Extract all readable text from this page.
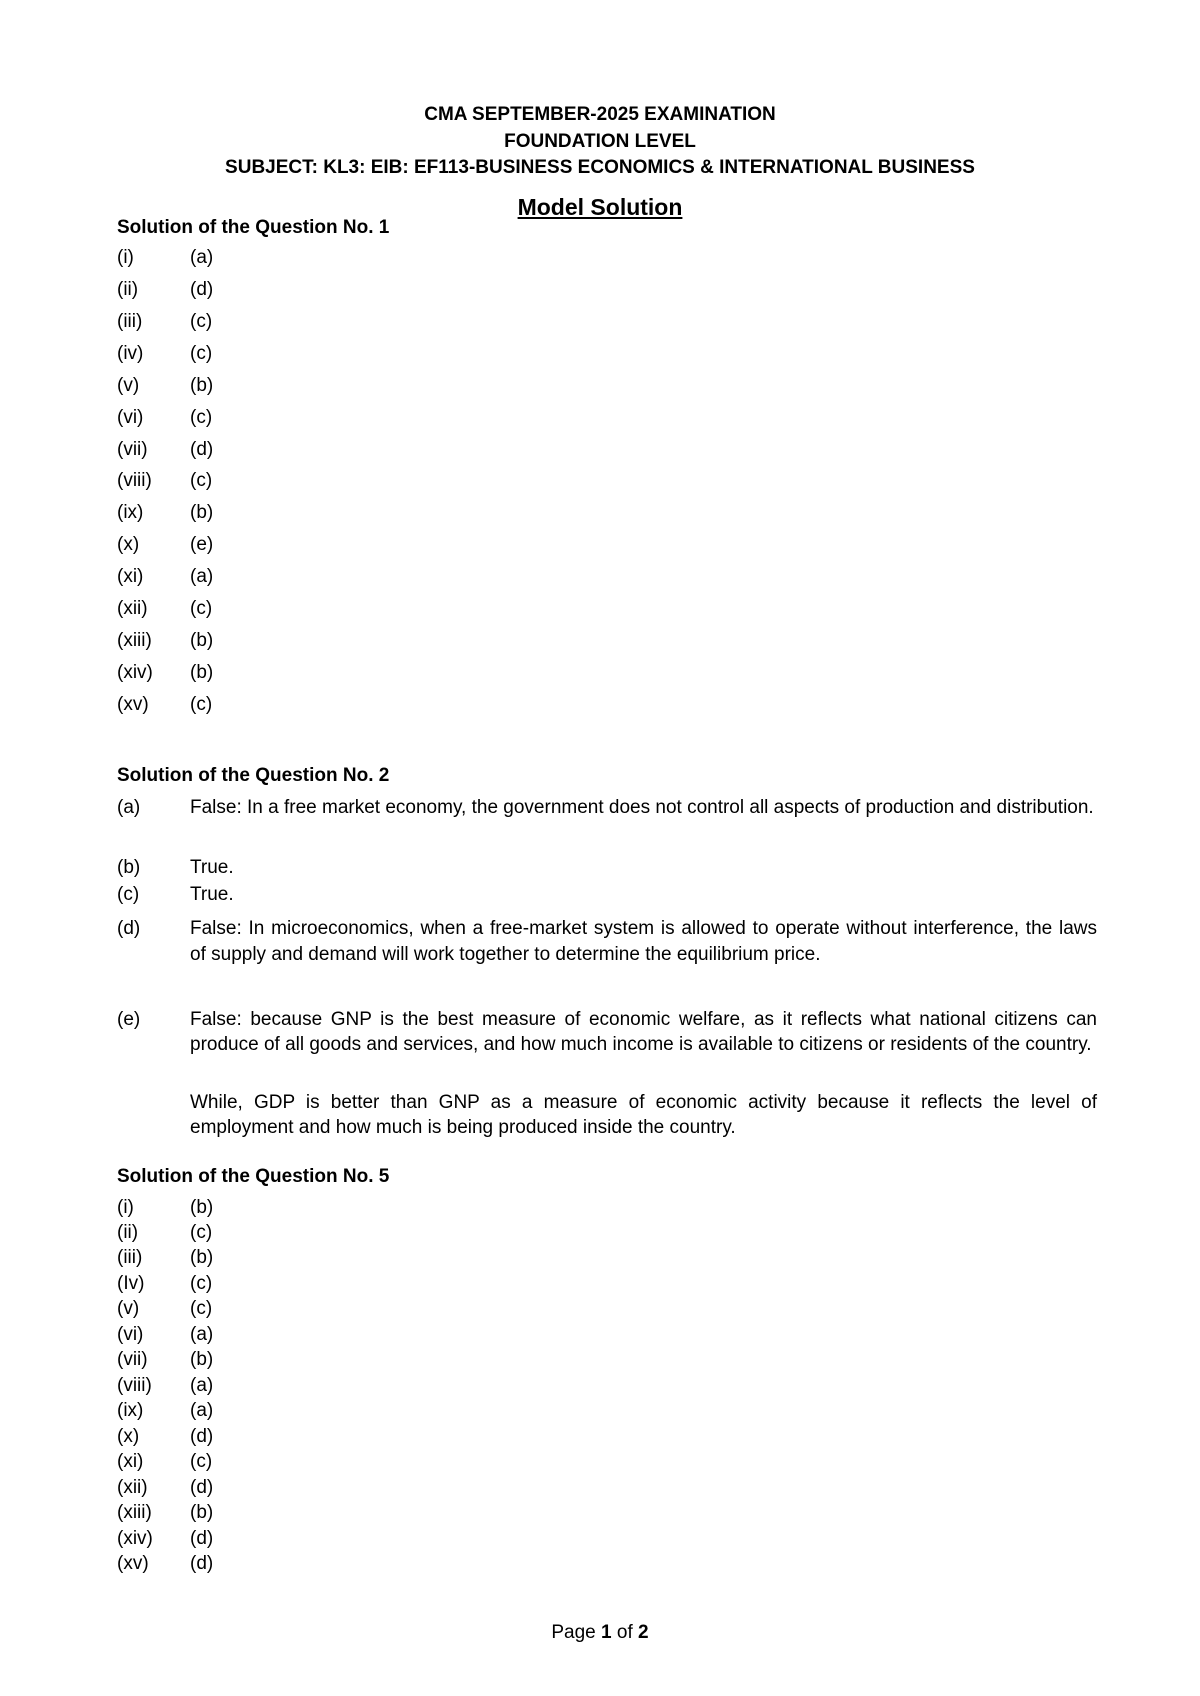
CMA SEPTEMBER-2025 EXAMINATION

FOUNDATION LEVEL

SUBJECT: KL3: EIB: EF113-BUSINESS ECONOMICS & INTERNATIONAL BUSINESS

Model Solution

Solution of the Question No. 1

(i)	(a)
(ii)	(d)
(iii)	(c)
(iv) (c)
(v)	(b)
(vi) (c)
(vii) (d)
(viii) (c)
(ix) (b)
(x)	(e)
(xi) (a)
(xii) (c)
(xiii) (b)
(xiv) (b)
(xv) (c)

Solution of the Question No. 2

(a)	False: In a free market economy, the government does not control all aspects of production and distribution.
(b)	True.
(c)	True.
(d)	False: In microeconomics, when a free-market system is allowed to operate without interference, the laws of supply and demand will work together to determine the equilibrium price.
(e)	False: because GNP is the best measure of economic welfare, as it reflects what national citizens can produce of all goods and services, and how much income is available to citizens or residents of the country.
While, GDP is better than GNP as a measure of economic activity because it reflects the level of employment and how much is being produced inside the country.

Solution of the Question No. 5

(i)	(b)
(ii)	(c)
(iii)	(b)
(Iv) (c)
(v)	(c)
(vi) (a)
(vii) (b)
(viii) (a)
(ix) (a)
(x)	(d)
(xi) (c)
(xii) (d)
(xiii) (b)
(xiv) (d)
(xv) (d)
Page 1 of 2
